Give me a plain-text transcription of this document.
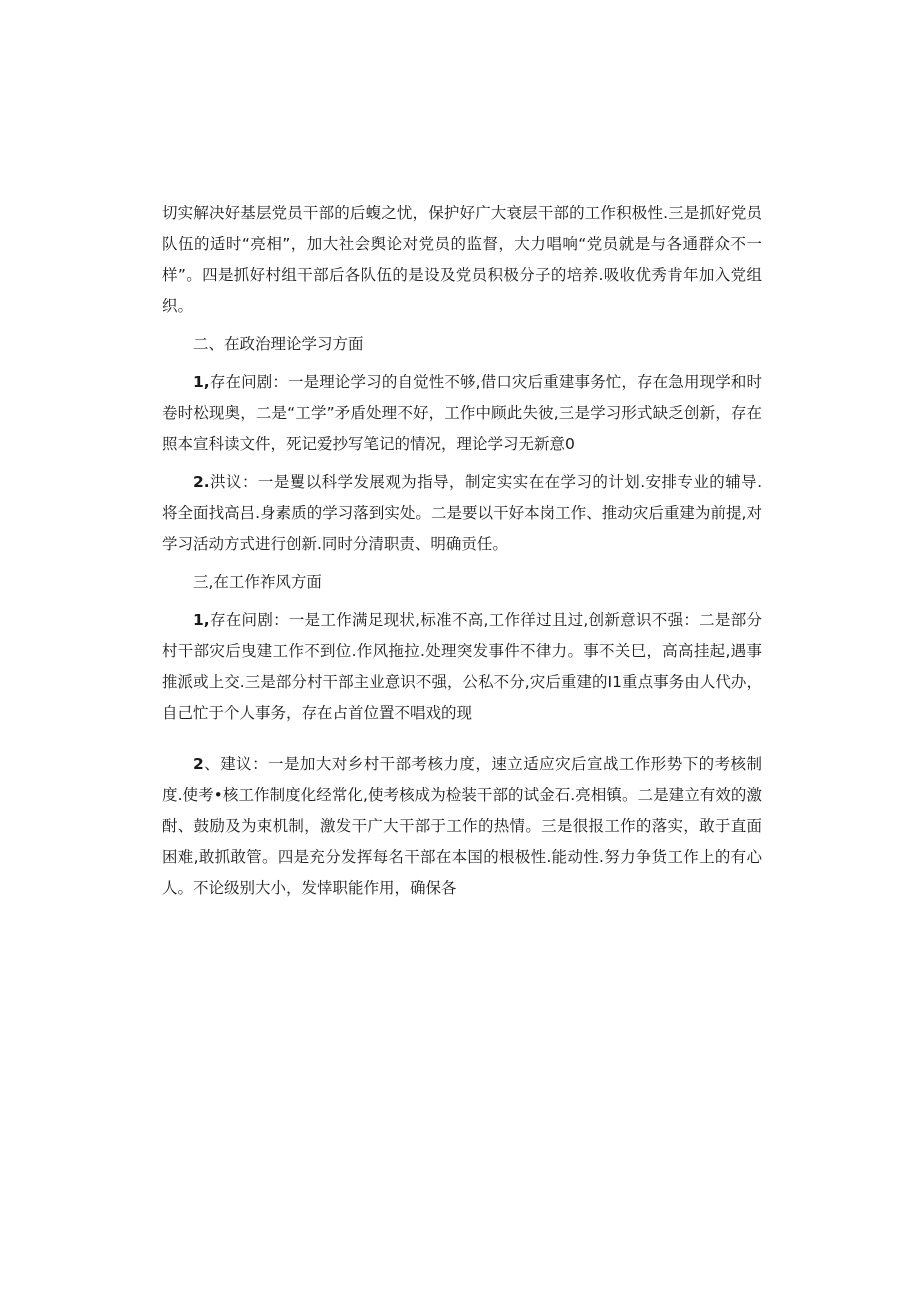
切实解决好基层党员干部的后蝮之忧，保护好广大衰层干部的工作积极性.三是抓好党员队伍的适时“亮相”，加大社会舆论对党员的监督，大力唱响“党员就是与各通群众不一样”。四是抓好村组干部后各队伍的是设及党员积极分子的培养.吸收优秀肯年加入党组织。

二、在政治理论学习方面

1,存在问剧：一是理论学习的自觉性不够,借口灾后重建事务忙，存在急用现学和时卷时松现奥，二是“工学”矛盾处理不好，工作中顾此失彼,三是学习形式缺乏创新，存在照本宣科读文件，死记爱抄写笔记的情况，理论学习无新意0

2.洪议：一是矍以科学发展观为指导，制定实实在在学习的计划.安排专业的辅导.将全面找高吕.身素质的学习落到实处。二是要以干好本岗工作、推动灾后重建为前提,对学习活动方式进行创新.同时分清职责、明确贡任。

三,在工作祚风方面

1,存在问剧：一是工作满足现状,标准不高,工作徉过且过,创新意识不强：二是部分村干部灾后曳建工作不到位.作风拖拉.处理突发事件不律力。事不关巳，高高挂起,遇事推派或上交.三是部分村干部主业意识不强，公私不分,灾后重建的I1重点事务由人代办，自己忙于个人事务，存在占首位置不唱戏的现

2、建议：一是加大对乡村干部考核力度，速立适应灾后宣战工作形势下的考核制度.使考•核工作制度化经常化,使考核成为检装干部的试金石.亮相镇。二是建立有效的激酎、鼓励及为束机制，激发干广大干部于工作的热情。三是很报工作的落实，敢于直面困难,敢抓敢管。四是充分发挥每名干部在本国的根极性.能动性.努力争货工作上的有心人。不论级别大小，发悻职能作用，确保各
